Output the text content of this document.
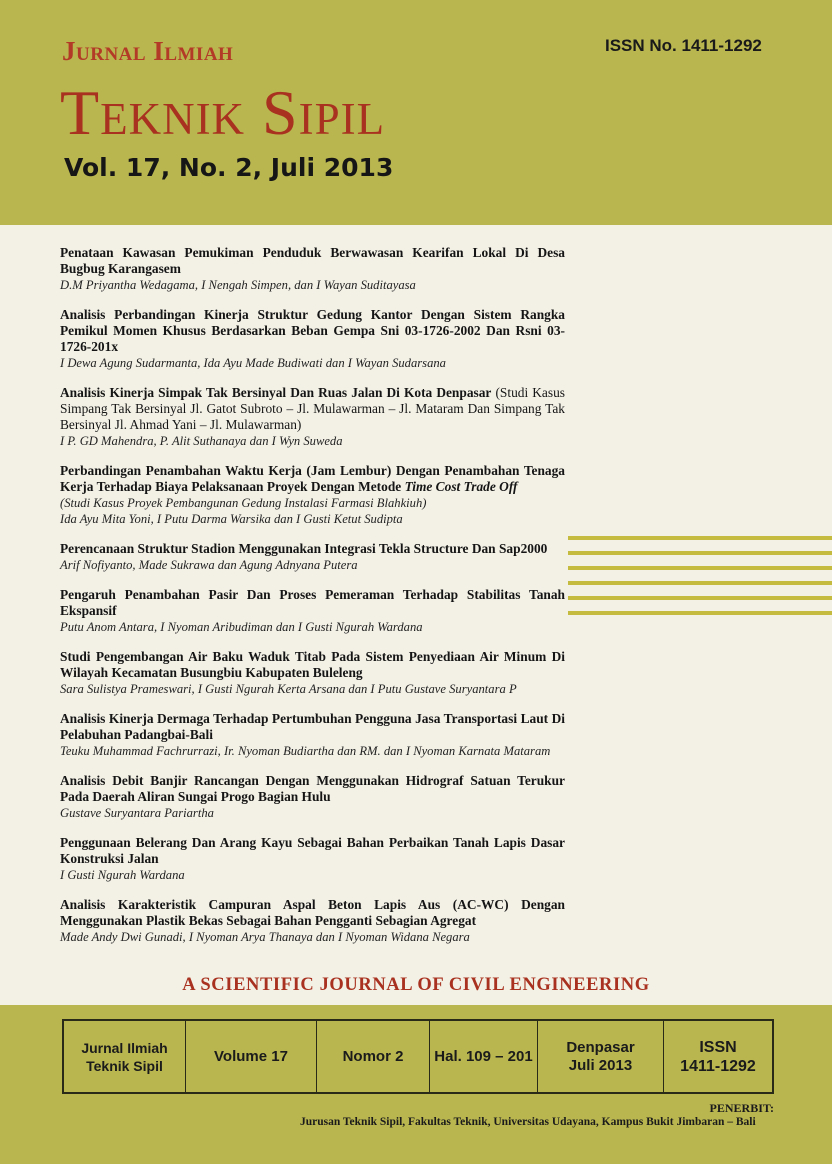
Jurnal Ilmiah
Teknik Sipil
ISSN No. 1411-1292
Vol. 17, No. 2, Juli 2013
Penataan Kawasan Pemukiman Penduduk Berwawasan Kearifan Lokal Di Desa Bugbug Karangasem
D.M Priyantha Wedagama, I Nengah Simpen, dan I Wayan Suditayasa
Analisis Perbandingan Kinerja Struktur Gedung Kantor Dengan Sistem Rangka Pemikul Momen Khusus Berdasarkan Beban Gempa Sni 03-1726-2002 Dan Rsni 03-1726-201x
I Dewa Agung Sudarmanta, Ida Ayu Made Budiwati dan I Wayan Sudarsana
Analisis Kinerja Simpak Tak Bersinyal Dan Ruas Jalan Di Kota Denpasar (Studi Kasus Simpang Tak Bersinyal Jl. Gatot Subroto – Jl. Mulawarman – Jl. Mataram Dan Simpang Tak Bersinyal Jl. Ahmad Yani – Jl. Mulawarman)
I P. GD Mahendra, P. Alit Suthanaya dan I Wyn Suweda
Perbandingan Penambahan Waktu Kerja (Jam Lembur) Dengan Penambahan Tenaga Kerja Terhadap Biaya Pelaksanaan Proyek Dengan Metode Time Cost Trade Off
(Studi Kasus Proyek Pembangunan Gedung Instalasi Farmasi Blahkiuh)
Ida Ayu Mita Yoni, I Putu Darma Warsika dan I Gusti Ketut Sudipta
Perencanaan Struktur Stadion Menggunakan Integrasi Tekla Structure Dan Sap2000
Arif Nofiyanto, Made Sukrawa dan Agung Adnyana Putera
Pengaruh Penambahan Pasir Dan Proses Pemeraman Terhadap Stabilitas Tanah Ekspansif
Putu Anom Antara, I Nyoman Aribudiman dan I Gusti Ngurah Wardana
Studi Pengembangan Air Baku Waduk Titab Pada Sistem Penyediaan Air Minum Di Wilayah Kecamatan Busungbiu Kabupaten Buleleng
Sara Sulistya Prameswari, I Gusti Ngurah Kerta Arsana dan I Putu Gustave Suryantara P
Analisis Kinerja Dermaga Terhadap Pertumbuhan Pengguna Jasa Transportasi Laut Di Pelabuhan Padangbai-Bali
Teuku Muhammad Fachrurrazi, Ir. Nyoman Budiartha dan RM. dan I Nyoman Karnata Mataram
Analisis Debit Banjir Rancangan Dengan Menggunakan Hidrograf Satuan Terukur Pada Daerah Aliran Sungai Progo Bagian Hulu
Gustave Suryantara Pariartha
Penggunaan Belerang Dan Arang Kayu Sebagai Bahan Perbaikan Tanah Lapis Dasar Konstruksi Jalan
I Gusti Ngurah Wardana
Analisis Karakteristik Campuran Aspal Beton Lapis Aus (AC-WC) Dengan Menggunakan Plastik Bekas Sebagai Bahan Pengganti Sebagian Agregat
Made Andy Dwi Gunadi, I Nyoman Arya Thanaya dan I Nyoman Widana Negara
A SCIENTIFIC JOURNAL OF CIVIL ENGINEERING
Jurnal Ilmiah
Teknik Sipil
Volume 17	Nomor 2 Hal. 109 – 201
Denpasar
Juli 2013
ISSN
1411-1292
PENERBIT:
Jurusan Teknik Sipil, Fakultas Teknik, Universitas Udayana, Kampus Bukit Jimbaran – Bali
